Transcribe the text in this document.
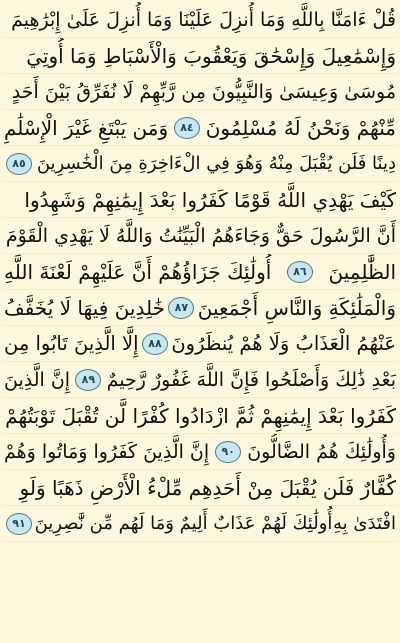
قُلْ ءَامَنَّا بِاللَّهِ وَمَا أُنزِلَ عَلَيْنَا وَمَا أُنزِلَ عَلَىٰ إِبْرَٰهِيمَ
وَإِسْمَٰعِيلَ وَإِسْحَٰقَ وَيَعْقُوبَ وَالْأَسْبَاطِ وَمَا أُوتِيَ
مُوسَىٰ وَعِيسَىٰ وَالنَّبِيُّونَ مِن رَّبِّهِمْ لَا نُفَرِّقُ بَيْنَ أَحَدٍ
مِّنْهُمْ وَنَحْنُ لَهُ مُسْلِمُونَ
٨٤
وَمَن يَبْتَغِ غَيْرَ الْإِسْلَٰمِ
دِينًا فَلَن يُقْبَلَ مِنْهُ وَهُوَ فِي الْءَاخِرَةِ مِنَ الْخَٰسِرِينَ
٨٥
كَيْفَ يَهْدِي اللَّهُ قَوْمًا كَفَرُوا بَعْدَ إِيمَٰنِهِمْ وَشَهِدُوا
أَنَّ الرَّسُولَ حَقٌّ وَجَاءَهُمُ الْبَيِّنَٰتُ وَاللَّهُ لَا يَهْدِي الْقَوْمَ
الظَّٰلِمِينَ
٨٦
أُولَٰئِكَ جَزَاؤُهُمْ أَنَّ عَلَيْهِمْ لَعْنَةَ اللَّهِ
وَالْمَلَٰئِكَةِ وَالنَّاسِ أَجْمَعِينَ
٨٧
خَٰلِدِينَ فِيهَا لَا يُخَفَّفُ
عَنْهُمُ الْعَذَابُ وَلَا هُمْ يُنظَرُونَ
٨٨
إِلَّا الَّذِينَ تَابُوا مِن
بَعْدِ ذَٰلِكَ وَأَصْلَحُوا فَإِنَّ اللَّهَ غَفُورٌ رَّحِيمٌ
٨٩
إِنَّ الَّذِينَ
كَفَرُوا بَعْدَ إِيمَٰنِهِمْ ثُمَّ ازْدَادُوا كُفْرًا لَّن تُقْبَلَ تَوْبَتُهُمْ
وَأُولَٰئِكَ هُمُ الضَّالُّونَ
٩٠
إِنَّ الَّذِينَ كَفَرُوا وَمَاتُوا وَهُمْ
كُفَّارٌ فَلَن يُقْبَلَ مِنْ أَحَدِهِم مِّلْءُ الْأَرْضِ ذَهَبًا وَلَوِ
افْتَدَىٰ بِهِ
أُولَٰئِكَ لَهُمْ عَذَابٌ أَلِيمٌ وَمَا لَهُم مِّن نَّٰصِرِينَ
٩١
